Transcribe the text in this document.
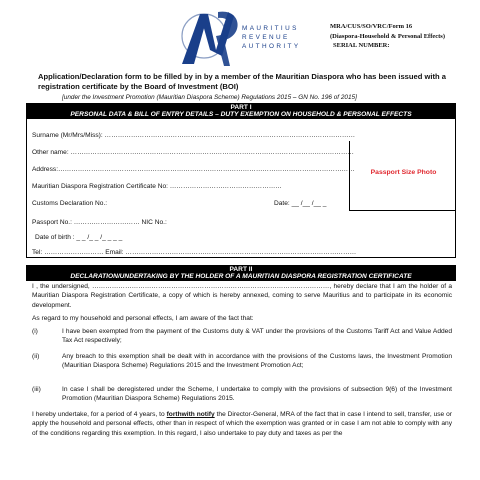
MAURITIUS
REVENUE
AUTHORITY
MRA/CUS/SO/VRC/Form 16
(Diaspora-Household & Personal Effects)
SERIAL NUMBER:
Application/Declaration form to be filled by in by a member of the Mauritian Diaspora who has been issued with a registration certificate by the Board of Investment (BOI)
[under the Investment Promotion (Mauritian Diaspora Scheme) Regulations 2015 – GN No. 196 of 2015]
PART I
PERSONAL DATA & BILL OF ENTRY DETAILS – DUTY EXEMPTION ON HOUSEHOLD & PERSONAL EFFECTS
Surname (Mr/Mrs/Miss): ……………………………………………………………………………………………………
Other name: …………………………………………………………………………………………………………………
Address:………………………………………………………………………………………………………………………
Mauritian Diaspora Registration Certificate No: ……………………………………………
Customs Declaration No.:	Date: __ /__ /__ _
Passport Size Photo
Passport No.: ………………………… NIC No.:
Date of birth : _ _ /_ _ /_ _ _ _
Tel: ……………………… Email: ……………………………………………………………………………………………
PART II
DECLARATION/UNDERTAKING BY THE HOLDER OF A MAURITIAN DIASPORA REGISTRATION CERTIFICATE
I , the undersigned, ………………………………………………………………………………………………, hereby declare that I am the holder of a Mauritian Diaspora Registration Certificate, a copy of which is hereby annexed, coming to serve Mauritius and to participate in its economic development.
As regard to my household and personal effects, I am aware of the fact that:
(i)	I have been exempted from the payment of the Customs duty & VAT under the provisions of the Customs Tariff Act and Value Added Tax Act respectively;
(ii)	Any breach to this exemption shall be dealt with in accordance with the provisions of the Customs laws, the Investment Promotion (Mauritian Diaspora Scheme) Regulations 2015 and the Investment Promotion Act;
(iii)	In case I shall be deregistered under the Scheme, I undertake to comply with the provisions of subsection 9(6) of the Investment Promotion (Mauritian Diaspora Scheme) Regulations 2015.
I hereby undertake, for a period of 4 years, to forthwith notify the Director-General, MRA of the fact that in case I intend to sell, transfer, use or apply the household and personal effects, other than in respect of which the exemption was granted or in case I am not able to comply with any of the conditions regarding this exemption. In this regard, I also undertake to pay duty and taxes as per the
